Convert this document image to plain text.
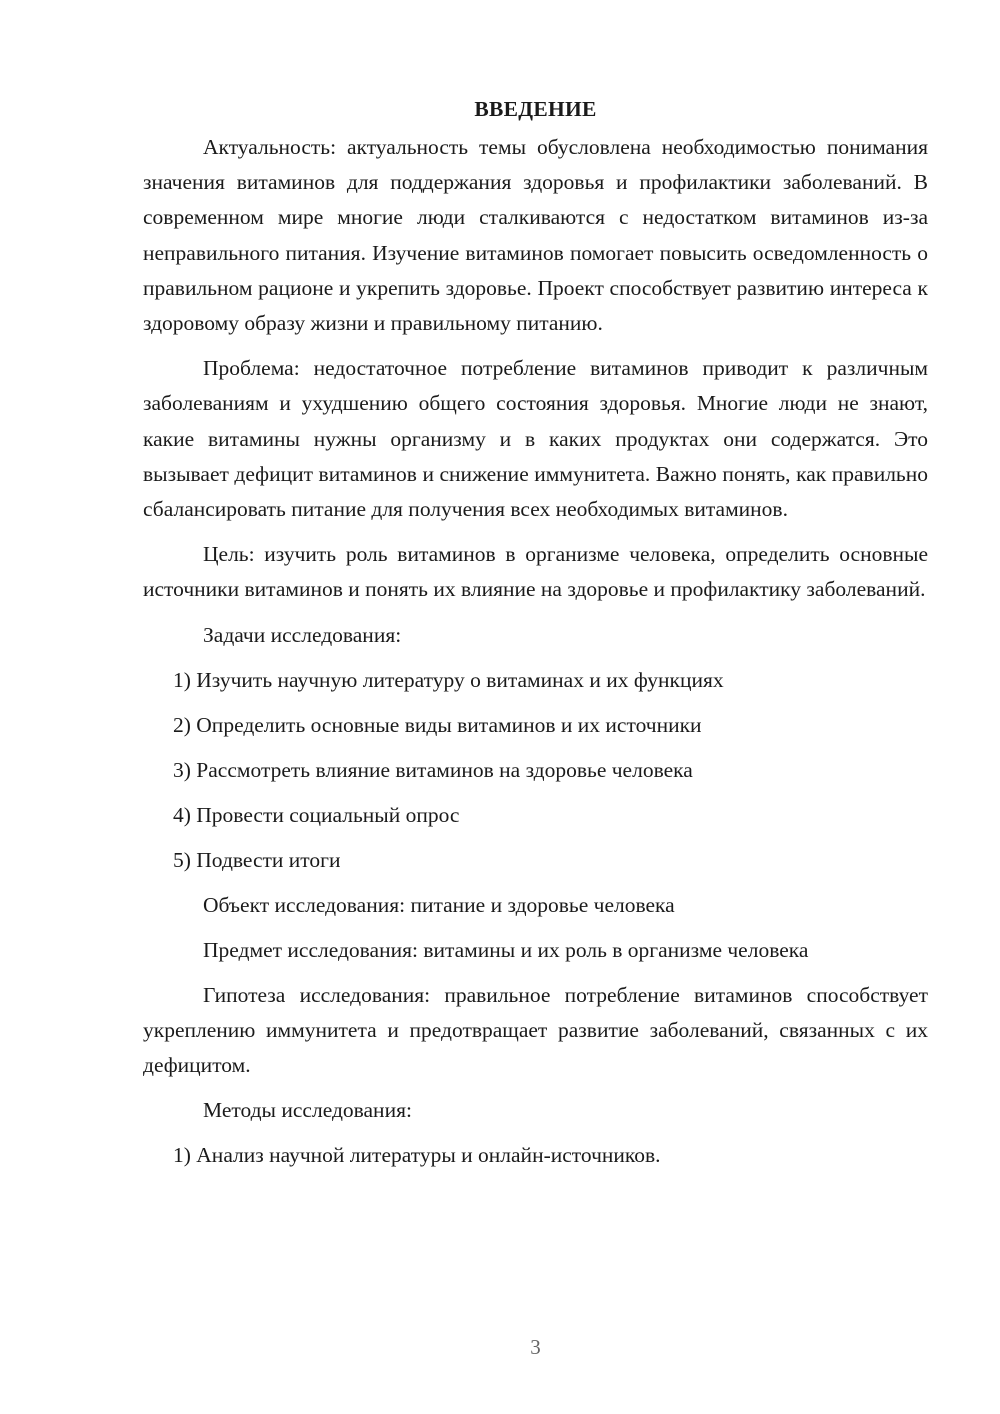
ВВЕДЕНИЕ

Актуальность: актуальность темы обусловлена необходимостью понимания значения витаминов для поддержания здоровья и профилактики заболеваний. В современном мире многие люди сталкиваются с недостатком витаминов из-за неправильного питания. Изучение витаминов помогает повысить осведомленность о правильном рационе и укрепить здоровье. Проект способствует развитию интереса к здоровому образу жизни и правильному питанию.

Проблема: недостаточное потребление витаминов приводит к различным заболеваниям и ухудшению общего состояния здоровья. Многие люди не знают, какие витамины нужны организму и в каких продуктах они содержатся. Это вызывает дефицит витаминов и снижение иммунитета. Важно понять, как правильно сбалансировать питание для получения всех необходимых витаминов.

Цель: изучить роль витаминов в организме человека, определить основные источники витаминов и понять их влияние на здоровье и профилактику заболеваний.

Задачи исследования:
1) Изучить научную литературу о витаминах и их функциях
2) Определить основные виды витаминов и их источники
3) Рассмотреть влияние витаминов на здоровье человека
4) Провести социальный опрос
5) Подвести итоги
Объект исследования: питание и здоровье человека
Предмет исследования: витамины и их роль в организме человека

Гипотеза исследования: правильное потребление витаминов способствует укреплению иммунитета и предотвращает развитие заболеваний, связанных с их дефицитом.

Методы исследования:
1) Анализ научной литературы и онлайн-источников.
3
